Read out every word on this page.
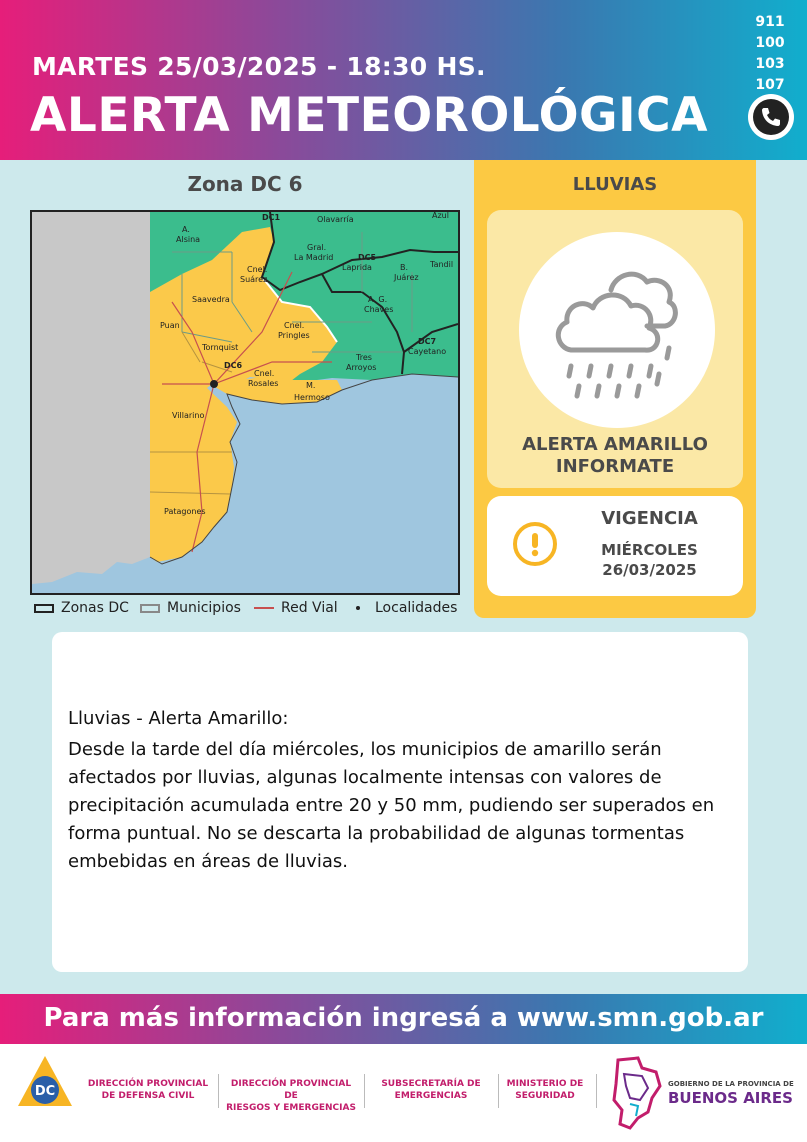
MARTES 25/03/2025 - 18:30 HS.
ALERTA METEOROLÓGICA
911
100
103
107
Zona DC 6
DC1	Olavarría	Azul
A.
Alsina
Gral.
La Madrid	DC5
Laprida	Tandil
B.
Juárez
Cnel.
Suárez
Saavedra	A. G.
Chaves
Puan	Cnel.
Pringles
DC7
Cayetano
Tornquist
Tres
Arroyos
DC6
Cnel.
Rosales	M.
Hermoso
Villarino
Patagones
Zonas DC	Municipios	Red Vial	Localidades
LLUVIAS
ALERTA AMARILLO
INFORMATE
VIGENCIA
MIÉRCOLES
26/03/2025
Lluvias - Alerta Amarillo:
Desde la tarde del día miércoles, los municipios de amarillo serán afectados por lluvias, algunas localmente intensas con valores de precipitación acumulada entre 20 y 50 mm, pudiendo ser superados en forma puntual. No se descarta la probabilidad de algunas tormentas embebidas en áreas de lluvias.
Para más información ingresá a www.smn.gob.ar
DC	DIRECCIÓN PROVINCIAL
DE DEFENSA CIVIL
DIRECCIÓN PROVINCIAL DE
RIESGOS Y EMERGENCIAS
SUBSECRETARÍA DE
EMERGENCIAS
MINISTERIO DE
SEGURIDAD
GOBIERNO DE LA PROVINCIA DE
BUENOS AIRES
